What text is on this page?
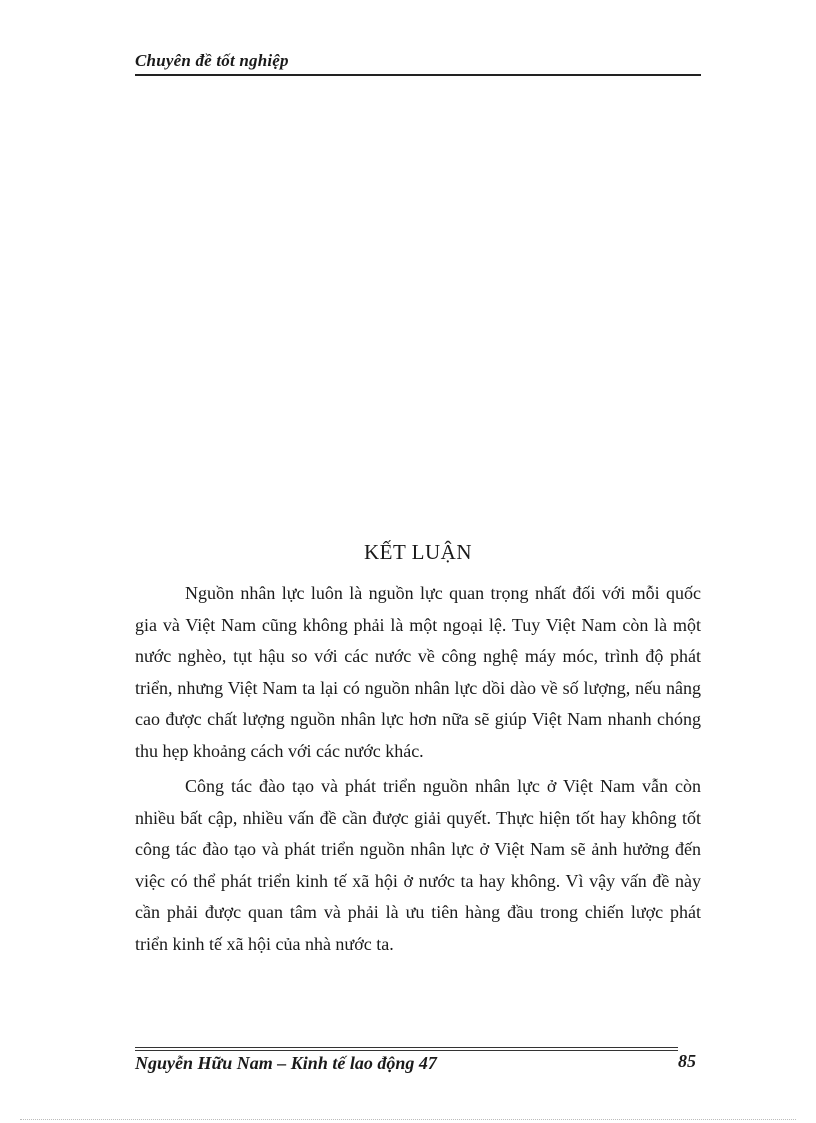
Chuyên đề tốt nghiệp
KẾT LUẬN

Nguồn nhân lực luôn là nguồn lực quan trọng nhất đối với mỗi quốc gia và Việt Nam cũng không phải là một ngoại lệ. Tuy Việt Nam còn là một nước nghèo, tụt hậu so với các nước về công nghệ máy móc, trình độ phát triển, nhưng Việt Nam ta lại có nguồn nhân lực dồi dào về số lượng, nếu nâng cao được chất lượng nguồn nhân lực hơn nữa sẽ giúp Việt Nam nhanh chóng thu hẹp khoảng cách với các nước khác.

Công tác đào tạo và phát triển nguồn nhân lực ở Việt Nam vẫn còn nhiều bất cập, nhiều vấn đề cần được giải quyết. Thực hiện tốt hay không tốt công tác đào tạo và phát triển nguồn nhân lực ở Việt Nam sẽ ảnh hưởng đến việc có thể phát triển kinh tế xã hội ở nước ta hay không. Vì vậy vấn đề này cần phải được quan tâm và phải là ưu tiên hàng đầu trong chiến lược phát triển kinh tế xã hội của nhà nước ta.

Nguyễn Hữu Nam – Kinh tế lao động 47	85
